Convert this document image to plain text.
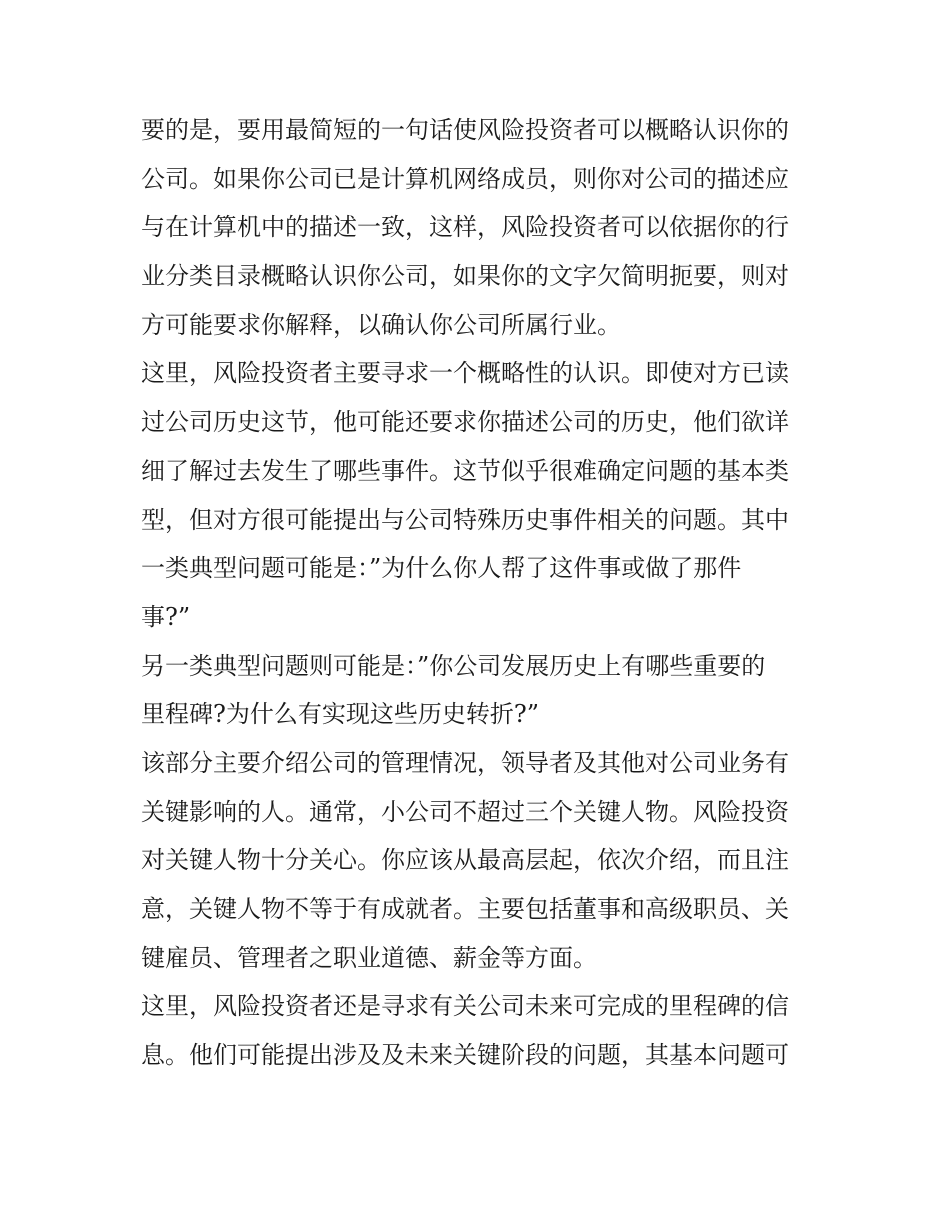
要的是，要用最简短的一句话使风险投资者可以概略认识你的
公司。如果你公司已是计算机网络成员，则你对公司的描述应
与在计算机中的描述一致，这样，风险投资者可以依据你的行
业分类目录概略认识你公司，如果你的文字欠简明扼要，则对
方可能要求你解释，以确认你公司所属行业。
这里，风险投资者主要寻求一个概略性的认识。即使对方已读
过公司历史这节，他可能还要求你描述公司的历史，他们欲详
细了解过去发生了哪些事件。这节似乎很难确定问题的基本类
型，但对方很可能提出与公司特殊历史事件相关的问题。其中
一类典型问题可能是：”为什么你人帮了这件事或做了那件
事?”
另一类典型问题则可能是：”你公司发展历史上有哪些重要的
里程碑?为什么有实现这些历史转折?”
该部分主要介绍公司的管理情况，领导者及其他对公司业务有
关键影响的人。通常，小公司不超过三个关键人物。风险投资
对关键人物十分关心。你应该从最高层起，依次介绍，而且注
意，关键人物不等于有成就者。主要包括董事和高级职员、关
键雇员、管理者之职业道德、薪金等方面。
这里，风险投资者还是寻求有关公司未来可完成的里程碑的信
息。他们可能提出涉及及未来关键阶段的问题，其基本问题可
